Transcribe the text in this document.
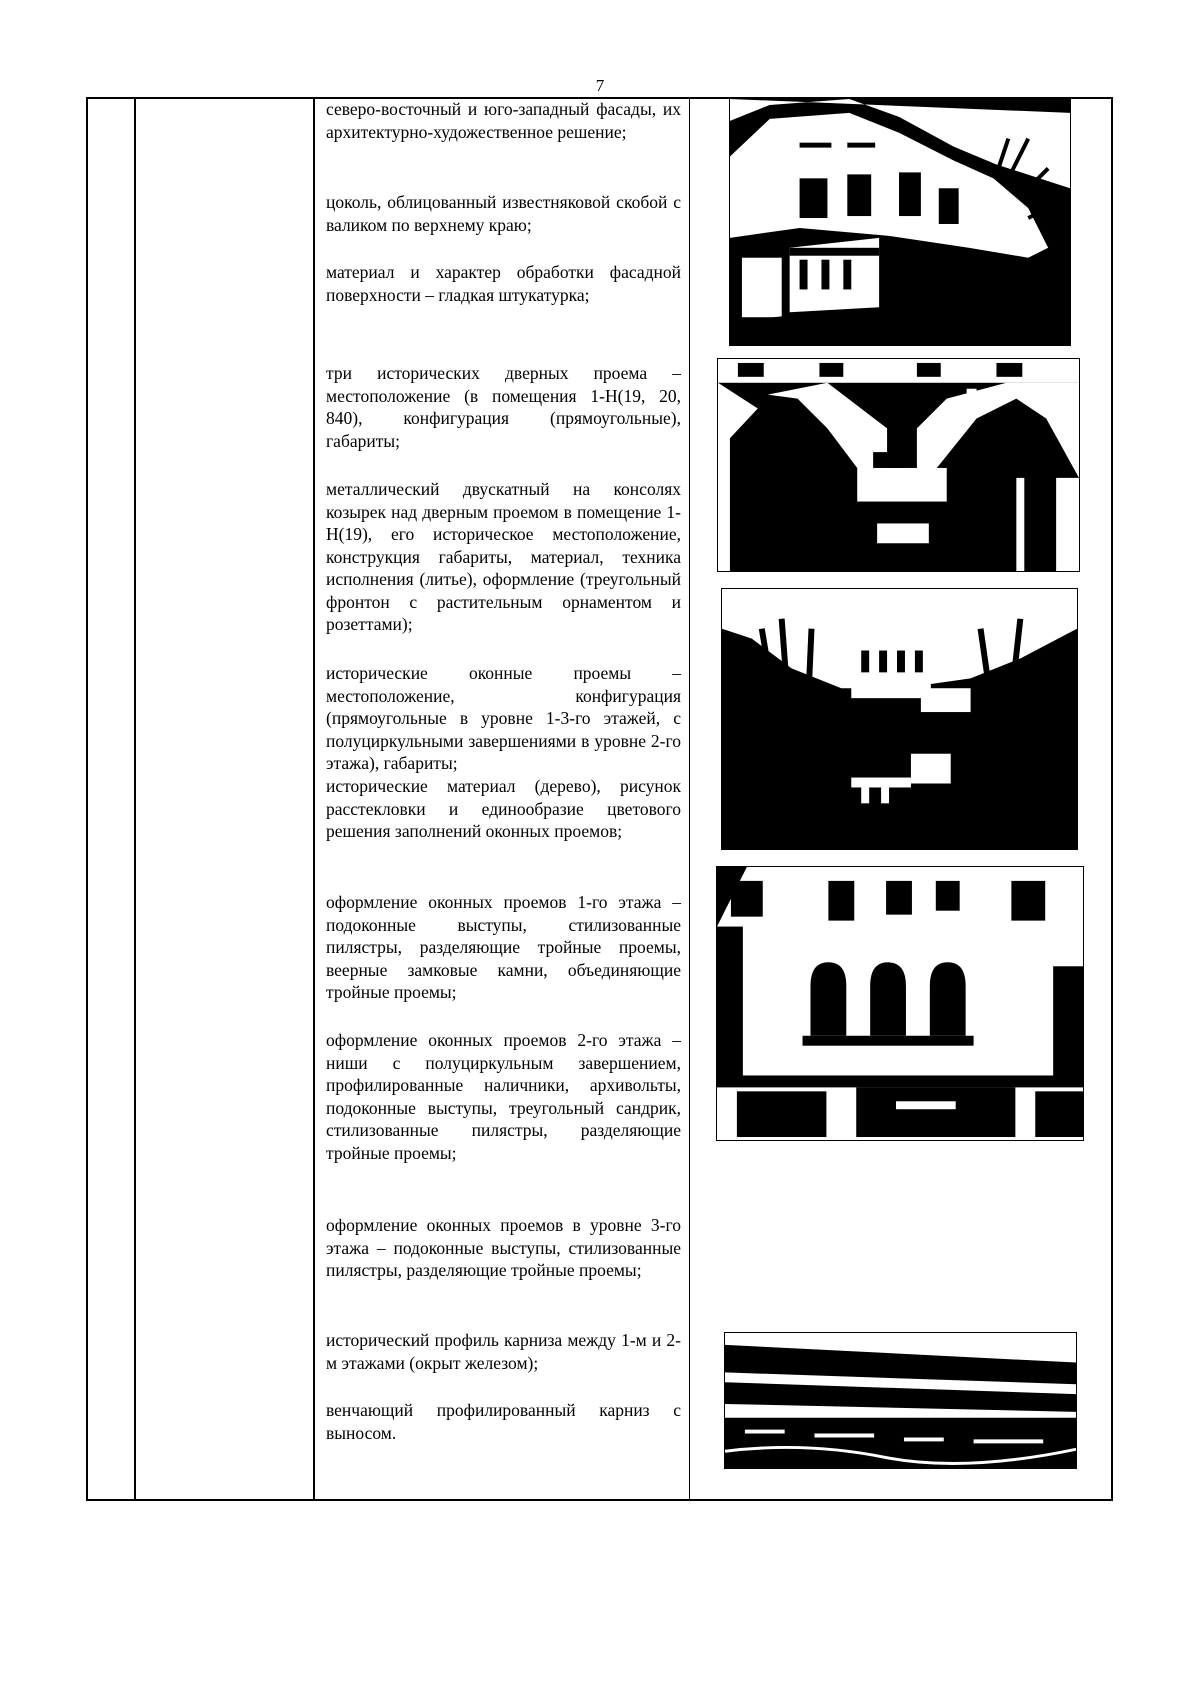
7
северо-восточный и юго-западный фасады, их архитектурно-художественное решение;
цоколь, облицованный известняковой скобой с валиком по верхнему краю;
материал и характер обработки фасадной поверхности – гладкая штукатурка;
три исторических дверных проема – местоположение (в помещения 1-Н(19, 20, 840), конфигурация (прямоугольные), габариты;
металлический двускатный на консолях козырек над дверным проемом в помещение 1-Н(19), его историческое местоположение, конструкция габариты, материал, техника исполнения (литье), оформление (треугольный фронтон с растительным орнаментом и розеттами);
исторические оконные проемы – местоположение, конфигурация (прямоугольные в уровне 1-3-го этажей, с полуциркульными завершениями в уровне 2-го этажа), габариты;
исторические материал (дерево), рисунок расстекловки и единообразие цветового решения заполнений оконных проемов;
оформление оконных проемов 1-го этажа – подоконные выступы, стилизованные пилястры, разделяющие тройные проемы, веерные замковые камни, объединяющие тройные проемы;
оформление оконных проемов 2-го этажа – ниши с полуциркульным завершением, профилированные наличники, архивольты, подоконные выступы, треугольный сандрик, стилизованные пилястры, разделяющие тройные проемы;
оформление оконных проемов в уровне 3-го этажа – подоконные выступы, стилизованные пилястры, разделяющие тройные проемы;
исторический профиль карниза между 1-м и 2-м этажами (окрыт железом);
венчающий профилированный карниз с выносом.
